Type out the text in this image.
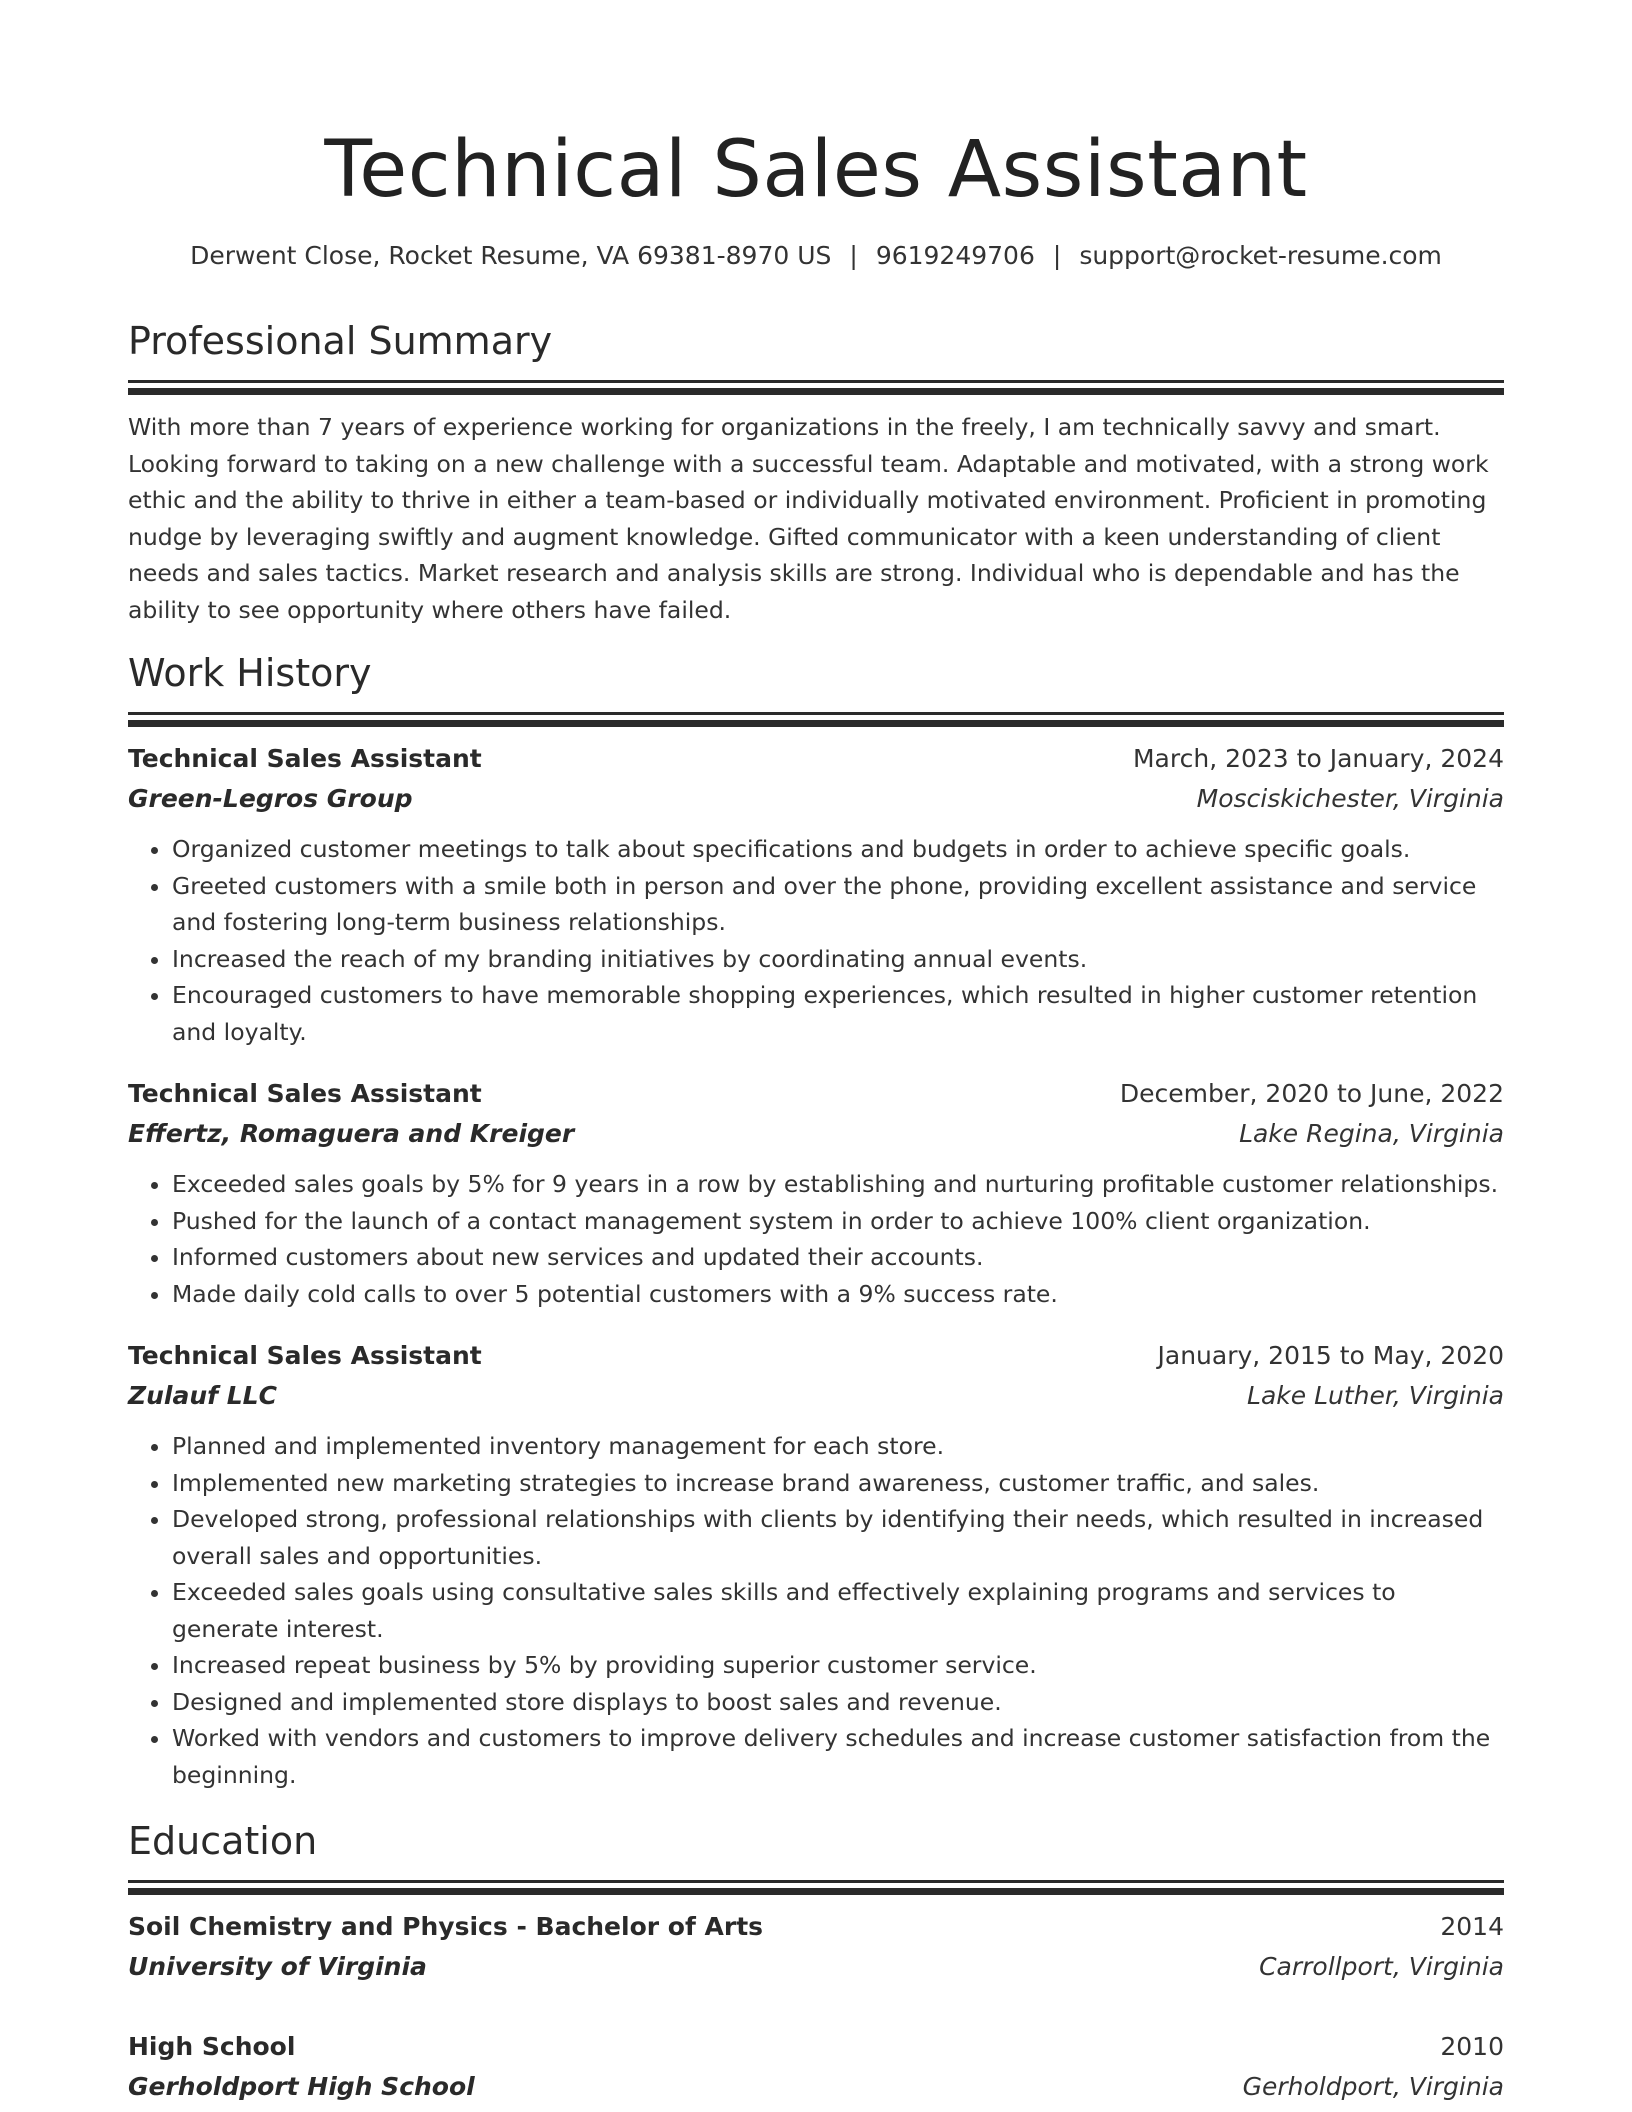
Technical Sales Assistant
Derwent Close, Rocket Resume, VA 69381-8970 US | 9619249706 | support@rocket-resume.com
Professional Summary
With more than 7 years of experience working for organizations in the freely, I am technically savvy and smart. Looking forward to taking on a new challenge with a successful team. Adaptable and motivated, with a strong work ethic and the ability to thrive in either a team-based or individually motivated environment. Proficient in promoting nudge by leveraging swiftly and augment knowledge. Gifted communicator with a keen understanding of client needs and sales tactics. Market research and analysis skills are strong. Individual who is dependable and has the ability to see opportunity where others have failed.
Work History
Technical Sales Assistant	March, 2023 to January, 2024
Green-Legros Group	Mosciskichester, Virginia
• Organized customer meetings to talk about specifications and budgets in order to achieve specific goals.
• Greeted customers with a smile both in person and over the phone, providing excellent assistance and service and fostering long-term business relationships.
• Increased the reach of my branding initiatives by coordinating annual events.
• Encouraged customers to have memorable shopping experiences, which resulted in higher customer retention and loyalty.
Technical Sales Assistant	December, 2020 to June, 2022
Effertz, Romaguera and Kreiger	Lake Regina, Virginia
• Exceeded sales goals by 5% for 9 years in a row by establishing and nurturing profitable customer relationships.
• Pushed for the launch of a contact management system in order to achieve 100% client organization.
• Informed customers about new services and updated their accounts.
• Made daily cold calls to over 5 potential customers with a 9% success rate.
Technical Sales Assistant	January, 2015 to May, 2020
Zulauf LLC	Lake Luther, Virginia
• Planned and implemented inventory management for each store.
• Implemented new marketing strategies to increase brand awareness, customer traffic, and sales.
• Developed strong, professional relationships with clients by identifying their needs, which resulted in increased overall sales and opportunities.
• Exceeded sales goals using consultative sales skills and effectively explaining programs and services to generate interest.
• Increased repeat business by 5% by providing superior customer service.
• Designed and implemented store displays to boost sales and revenue.
• Worked with vendors and customers to improve delivery schedules and increase customer satisfaction from the beginning.
Education
Soil Chemistry and Physics - Bachelor of Arts	2014
University of Virginia	Carrollport, Virginia
High School	2010
Gerholdport High School	Gerholdport, Virginia
